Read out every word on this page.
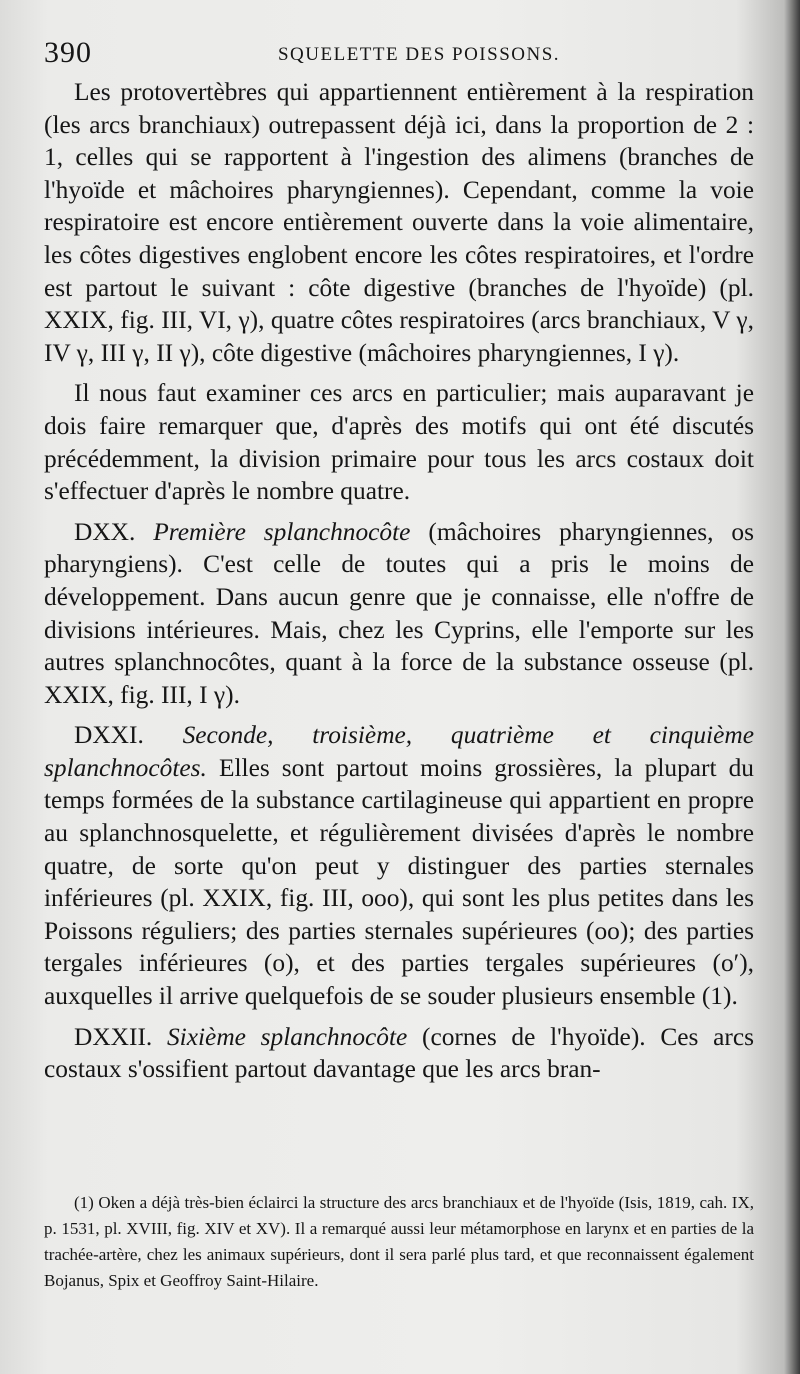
390	SQUELETTE DES POISSONS.

Les protovertèbres qui appartiennent entièrement à la respiration (les arcs branchiaux) outrepassent déjà ici, dans la proportion de 2 : 1, celles qui se rapportent à l'ingestion des alimens (branches de l'hyoïde et mâchoires pharyngiennes). Cependant, comme la voie respiratoire est encore entièrement ouverte dans la voie alimentaire, les côtes digestives englobent encore les côtes respiratoires, et l'ordre est partout le suivant : côte digestive (branches de l'hyoïde) (pl. XXIX, fig. III, VI, γ), quatre côtes respiratoires (arcs branchiaux, V γ, IV γ, III γ, II γ), côte digestive (mâchoires pharyngiennes, I γ).

Il nous faut examiner ces arcs en particulier; mais auparavant je dois faire remarquer que, d'après des motifs qui ont été discutés précédemment, la division primaire pour tous les arcs costaux doit s'effectuer d'après le nombre quatre.

DXX. Première splanchnocôte (mâchoires pharyngiennes, os pharyngiens). C'est celle de toutes qui a pris le moins de développement. Dans aucun genre que je connaisse, elle n'offre de divisions intérieures. Mais, chez les Cyprins, elle l'emporte sur les autres splanchnocôtes, quant à la force de la substance osseuse (pl. XXIX, fig. III, I γ).

DXXI. Seconde, troisième, quatrième et cinquième splanchnocôtes. Elles sont partout moins grossières, la plupart du temps formées de la substance cartilagineuse qui appartient en propre au splanchnosquelette, et régulièrement divisées d'après le nombre quatre, de sorte qu'on peut y distinguer des parties sternales inférieures (pl. XXIX, fig. III, ooo), qui sont les plus petites dans les Poissons réguliers; des parties sternales supérieures (oo); des parties tergales inférieures (o), et des parties tergales supérieures (o′), auxquelles il arrive quelquefois de se souder plusieurs ensemble (1).

DXXII. Sixième splanchnocôte (cornes de l'hyoïde). Ces arcs costaux s'ossifient partout davantage que les arcs bran-

(1) Oken a déjà très-bien éclairci la structure des arcs branchiaux et de l'hyoïde (Isis, 1819, cah. IX, p. 1531, pl. XVIII, fig. XIV et XV). Il a remarqué aussi leur métamorphose en larynx et en parties de la trachée-artère, chez les animaux supérieurs, dont il sera parlé plus tard, et que reconnaissent également Bojanus, Spix et Geoffroy Saint-Hilaire.
